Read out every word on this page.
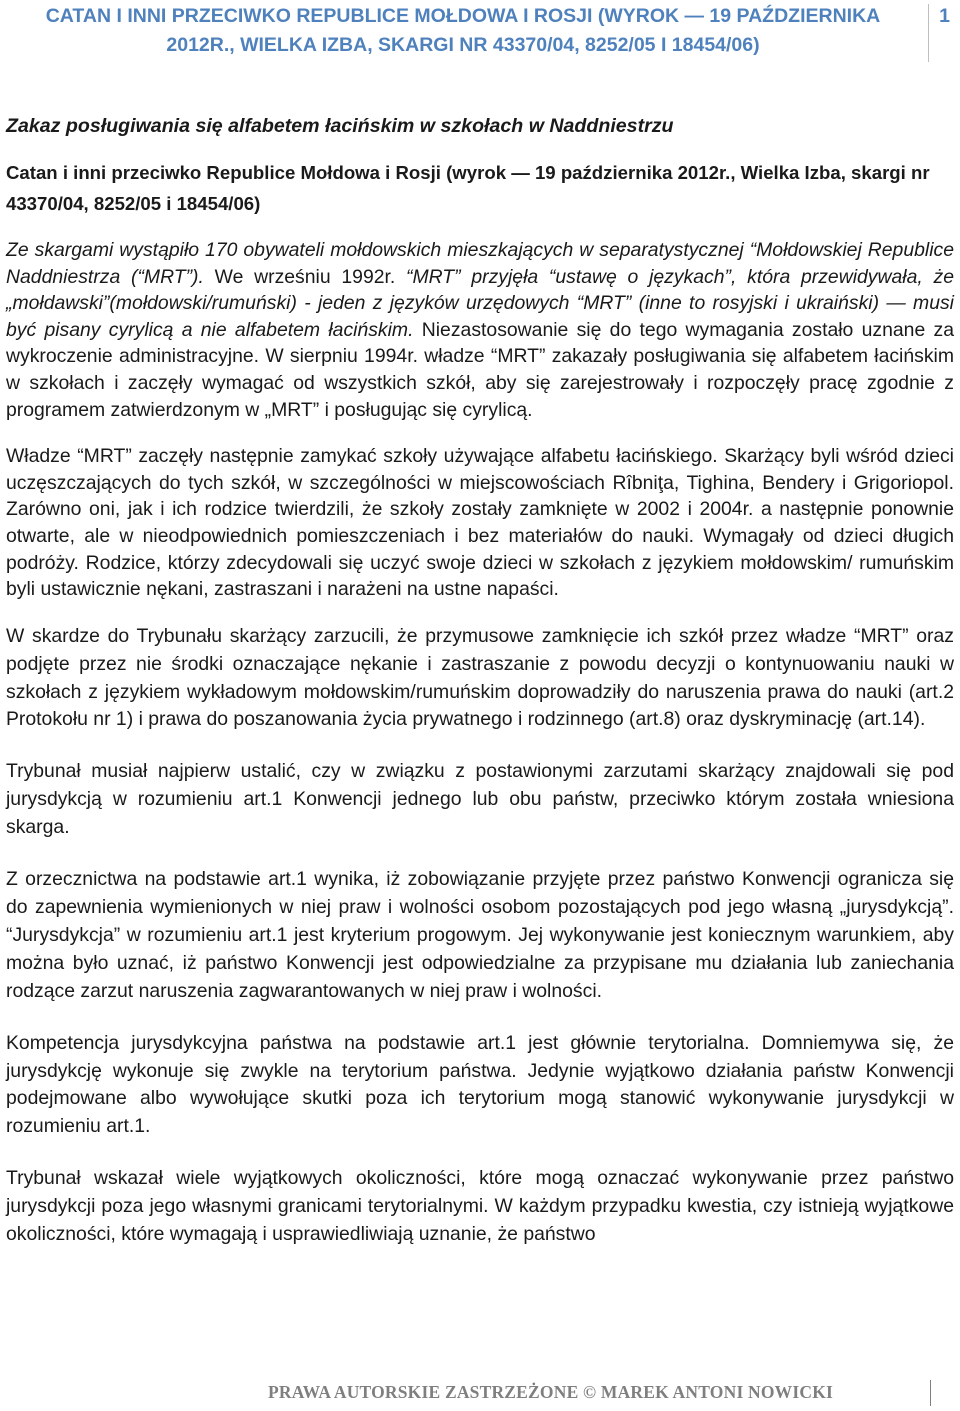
CATAN I INNI PRZECIWKO REPUBLICE MOŁDOWA I ROSJI (WYROK — 19 PAŹDZIERNIKA
2012R., WIELKA IZBA, SKARGI NR 43370/04, 8252/05 I 18454/06)
1
Zakaz posługiwania się alfabetem łacińskim w szkołach w Naddniestrzu
Catan i inni przeciwko Republice Mołdowa i Rosji (wyrok — 19 października 2012r., Wielka Izba, skargi nr 43370/04, 8252/05 i 18454/06)
Ze skargami wystąpiło 170 obywateli mołdowskich mieszkających w separatystycznej “Mołdowskiej Republice Naddniestrza (“MRT”). We wrześniu 1992r. “MRT” przyjęła “ustawę o językach”, która przewidywała, że „mołdawski”(mołdowski/rumuński) - jeden z języków urzędowych “MRT” (inne to rosyjski i ukraiński) — musi być pisany cyrylicą a nie alfabetem łacińskim. Niezastosowanie się do tego wymagania zostało uznane za wykroczenie administracyjne. W sierpniu 1994r. władze “MRT” zakazały posługiwania się alfabetem łacińskim w szkołach i zaczęły wymagać od wszystkich szkół, aby się zarejestrowały i rozpoczęły pracę zgodnie z programem zatwierdzonym w „MRT” i posługując się cyrylicą.
Władze “MRT” zaczęły następnie zamykać szkoły używające alfabetu łacińskiego. Skarżący byli wśród dzieci uczęszczających do tych szkół, w szczególności w miejscowościach Rîbniţa, Tighina, Bendery i Grigoriopol. Zarówno oni, jak i ich rodzice twierdzili, że szkoły zostały zamknięte w 2002 i 2004r. a następnie ponownie otwarte, ale w nieodpowiednich pomieszczeniach i bez materiałów do nauki. Wymagały od dzieci długich podróży. Rodzice, którzy zdecydowali się uczyć swoje dzieci w szkołach z językiem mołdowskim/ rumuńskim byli ustawicznie nękani, zastraszani i narażeni na ustne napaści.
W skardze do Trybunału skarżący zarzucili, że przymusowe zamknięcie ich szkół przez władze “MRT” oraz podjęte przez nie środki oznaczające nękanie i zastraszanie z powodu decyzji o kontynuowaniu nauki w szkołach z językiem wykładowym mołdowskim/rumuńskim doprowadziły do naruszenia prawa do nauki (art.2 Protokołu nr 1) i prawa do poszanowania życia prywatnego i rodzinnego (art.8) oraz dyskryminację (art.14).
Trybunał musiał najpierw ustalić, czy w związku z postawionymi zarzutami skarżący znajdowali się pod jurysdykcją w rozumieniu art.1 Konwencji jednego lub obu państw, przeciwko którym została wniesiona skarga.
Z orzecznictwa na podstawie art.1 wynika, iż zobowiązanie przyjęte przez państwo Konwencji ogranicza się do zapewnienia wymienionych w niej praw i wolności osobom pozostających pod jego własną „jurysdykcją”. “Jurysdykcja” w rozumieniu art.1 jest kryterium progowym. Jej wykonywanie jest koniecznym warunkiem, aby można było uznać, iż państwo Konwencji jest odpowiedzialne za przypisane mu działania lub zaniechania rodzące zarzut naruszenia zagwarantowanych w niej praw i wolności.
Kompetencja jurysdykcyjna państwa na podstawie art.1 jest głównie terytorialna. Domniemywa się, że jurysdykcję wykonuje się zwykle na terytorium państwa. Jedynie wyjątkowo działania państw Konwencji podejmowane albo wywołujące skutki poza ich terytorium mogą stanowić wykonywanie jurysdykcji w rozumieniu art.1.
Trybunał wskazał wiele wyjątkowych okoliczności, które mogą oznaczać wykonywanie przez państwo jurysdykcji poza jego własnymi granicami terytorialnymi. W każdym przypadku kwestia, czy istnieją wyjątkowe okoliczności, które wymagają i usprawiedliwiają uznanie, że państwo
PRAWA AUTORSKIE ZASTRZEŻONE © MAREK ANTONI NOWICKI
